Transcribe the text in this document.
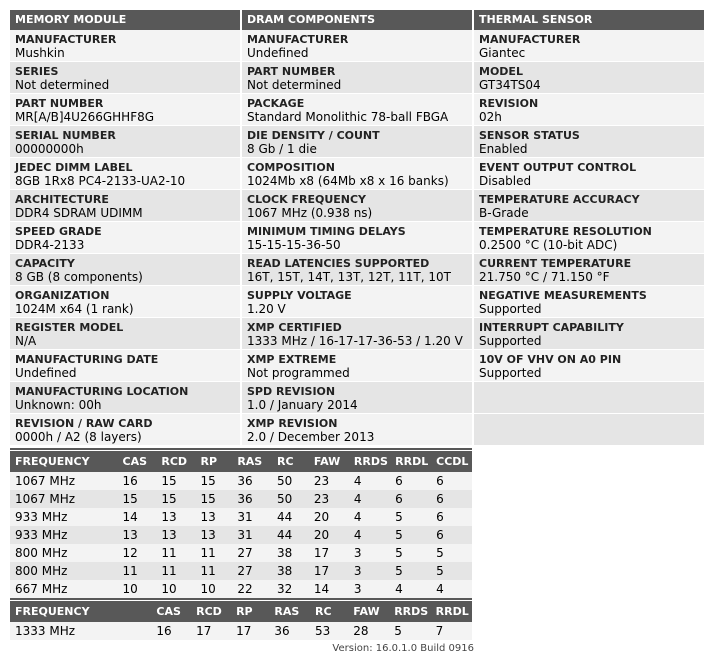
MEMORY MODULE
MANUFACTURER
Mushkin
SERIES
Not determined
PART NUMBER
MR[A/B]4U266GHHF8G
SERIAL NUMBER
00000000h
JEDEC DIMM LABEL
8GB 1Rx8 PC4-2133-UA2-10
ARCHITECTURE
DDR4 SDRAM UDIMM
SPEED GRADE
DDR4-2133
CAPACITY
8 GB (8 components)
ORGANIZATION
1024M x64 (1 rank)
REGISTER MODEL
N/A
MANUFACTURING DATE
Undefined
MANUFACTURING LOCATION
Unknown: 00h
REVISION / RAW CARD
0000h / A2 (8 layers)
DRAM COMPONENTS
MANUFACTURER
Undefined
PART NUMBER
Not determined
PACKAGE
Standard Monolithic 78-ball FBGA
DIE DENSITY / COUNT
8 Gb / 1 die
COMPOSITION
1024Mb x8 (64Mb x8 x 16 banks)
CLOCK FREQUENCY
1067 MHz (0.938 ns)
MINIMUM TIMING DELAYS
15-15-15-36-50
READ LATENCIES SUPPORTED
16T, 15T, 14T, 13T, 12T, 11T, 10T
SUPPLY VOLTAGE
1.20 V
XMP CERTIFIED
1333 MHz / 16-17-17-36-53 / 1.20 V
XMP EXTREME
Not programmed
SPD REVISION
1.0 / January 2014
XMP REVISION
2.0 / December 2013
THERMAL SENSOR
MANUFACTURER
Giantec
MODEL
GT34TS04
REVISION
02h
SENSOR STATUS
Enabled
EVENT OUTPUT CONTROL
Disabled
TEMPERATURE ACCURACY
B-Grade
TEMPERATURE RESOLUTION
0.2500 °C (10-bit ADC)
CURRENT TEMPERATURE
21.750 °C / 71.150 °F
NEGATIVE MEASUREMENTS
Supported
INTERRUPT CAPABILITY
Supported
10V OF VHV ON A0 PIN
Supported
FREQUENCY	CAS	RCD	RP	RAS	RC	FAW	RRDS	RRDL	CCDL
1067 MHz	16	15	15	36	50	23	4	6	6
1067 MHz	15	15	15	36	50	23	4	6	6
933 MHz	14	13	13	31	44	20	4	5	6
933 MHz	13	13	13	31	44	20	4	5	6
800 MHz	12	11	11	27	38	17	3	5	5
800 MHz	11	11	11	27	38	17	3	5	5
667 MHz	10	10	10	22	32	14	3	4	4
FREQUENCY	CAS	RCD	RP	RAS	RC	FAW	RRDS	RRDL
1333 MHz	16	17	17	36	53	28	5	7
Version: 16.0.1.0 Build 0916
